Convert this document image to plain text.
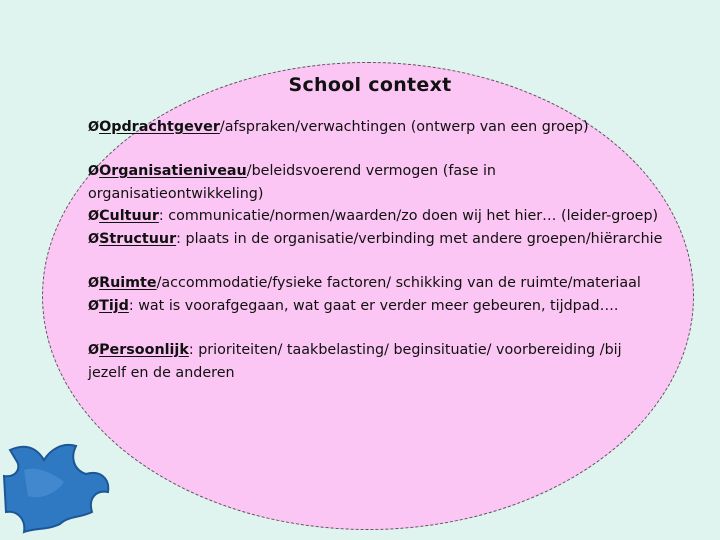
School context

ØOpdrachtgever/afspraken/verwachtingen (ontwerp van een groep)

ØOrganisatieniveau/beleidsvoerend vermogen (fase in organisatieontwikkeling)

ØCultuur: communicatie/normen/waarden/zo doen wij het hier… (leider-groep)

ØStructuur: plaats in de organisatie/verbinding met andere groepen/hiërarchie

ØRuimte/accommodatie/fysieke factoren/ schikking van de ruimte/materiaal

ØTijd: wat is voorafgegaan, wat gaat er verder meer gebeuren, tijdpad….

ØPersoonlijk: prioriteiten/ taakbelasting/ beginsituatie/ voorbereiding /bij jezelf en de anderen
